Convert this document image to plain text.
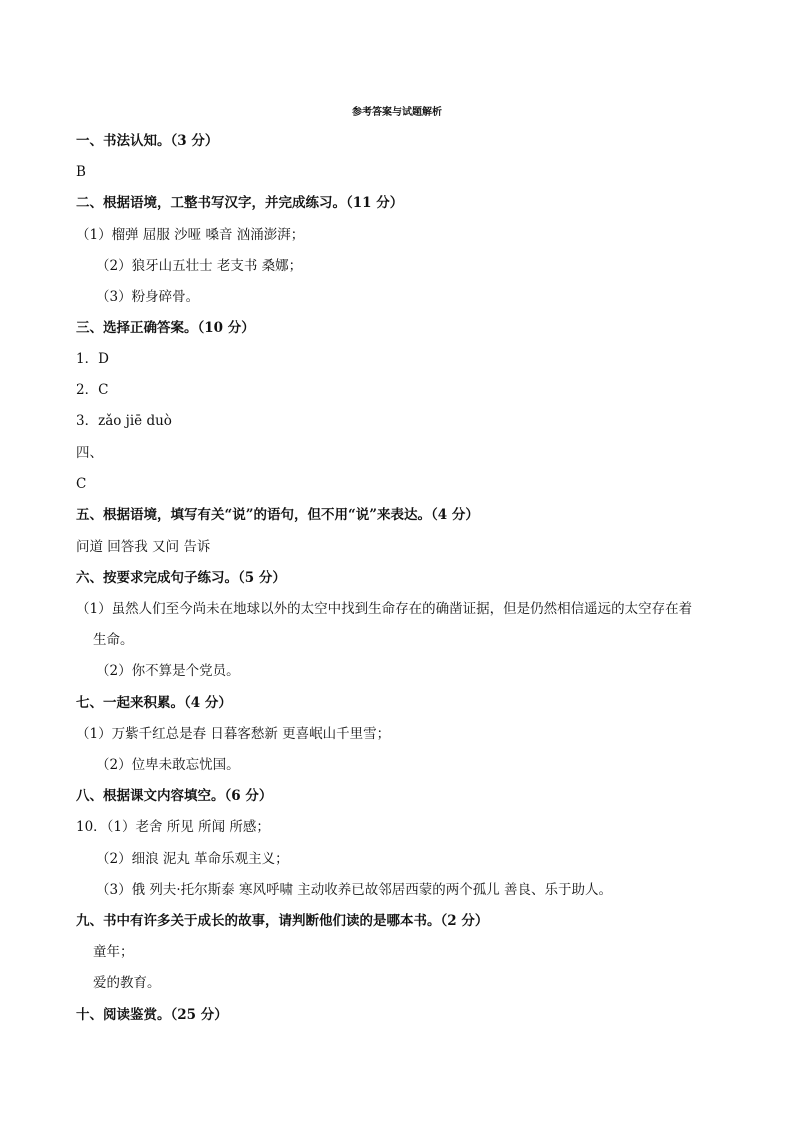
参考答案与试题解析
一、书法认知。（3 分）
B
二、根据语境，工整书写汉字，并完成练习。（11 分）
（1）榴弹 屈服 沙哑 嗓音 汹涌澎湃；
（2）狼牙山五壮士 老支书 桑娜；
（3）粉身碎骨。
三、选择正确答案。（10 分）
1．D
2．C
3．zǎo jiē duò
四、
C
五、根据语境，填写有关“说”的语句，但不用“说”来表达。（4 分）
问道 回答我 又问 告诉
六、按要求完成句子练习。（5 分）
（1）虽然人们至今尚未在地球以外的太空中找到生命存在的确凿证据，但是仍然相信遥远的太空存在着
生命。
（2）你不算是个党员。
七、一起来积累。（4 分）
（1）万紫千红总是春 日暮客愁新 更喜岷山千里雪；
（2）位卑未敢忘忧国。
八、根据课文内容填空。（6 分）
10．（1）老舍 所见 所闻 所感；
（2）细浪 泥丸 革命乐观主义；
（3）俄 列夫·托尔斯泰 寒风呼啸 主动收养已故邻居西蒙的两个孤儿 善良、乐于助人。
九、书中有许多关于成长的故事，请判断他们读的是哪本书。（2 分）
童年；
爱的教育。
十、阅读鉴赏。（25 分）
